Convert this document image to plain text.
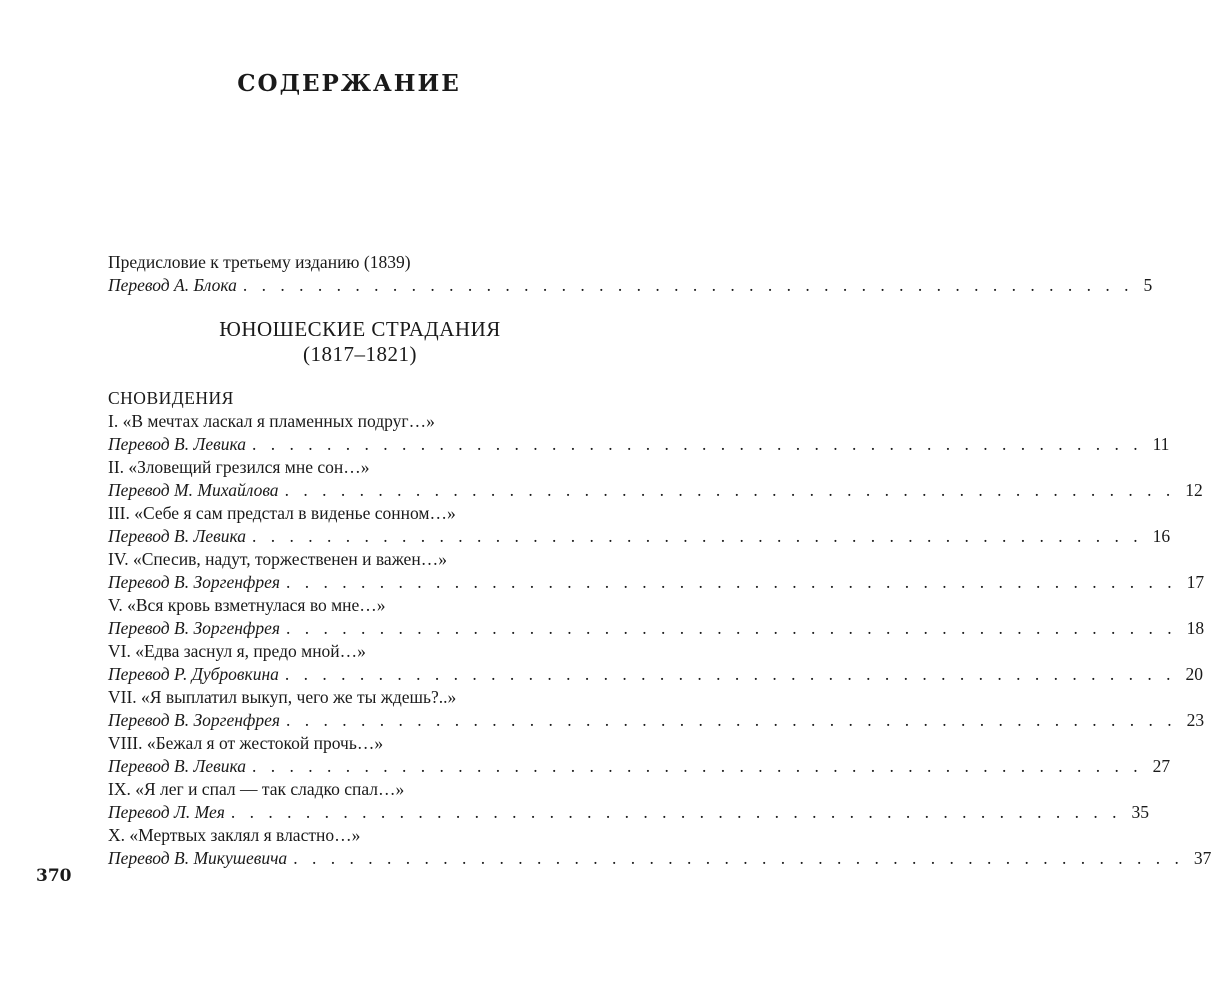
СОДЕРЖАНИЕ
Предисловие к третьему изданию (1839)
Перевод А. Блока . . . . . . . . . . . . . . . . . . . . . . . . . . . . . . . . . . . . . . . . . . . . . . . . 5
ЮНОШЕСКИЕ СТРАДАНИЯ
(1817–1821)
СНОВИДЕНИЯ
I. «В мечтах ласкал я пламенных подруг…»
Перевод В. Левика . . . . . . . . . . . . . . . . . . . . . . . . . . . . . . . . . . . . . . . . . . . . . . . . 11
II. «Зловещий грезился мне сон…»
Перевод М. Михайлова . . . . . . . . . . . . . . . . . . . . . . . . . . . . . . . . . . . . . . . . . . . . . . . . 12
III. «Себе я сам предстал в виденье сонном…»
Перевод В. Левика . . . . . . . . . . . . . . . . . . . . . . . . . . . . . . . . . . . . . . . . . . . . . . . . 16
IV. «Спесив, надут, торжественен и важен…»
Перевод В. Зоргенфрея . . . . . . . . . . . . . . . . . . . . . . . . . . . . . . . . . . . . . . . . . . . . . . . . 17
V. «Вся кровь взметнулася во мне…»
Перевод В. Зоргенфрея . . . . . . . . . . . . . . . . . . . . . . . . . . . . . . . . . . . . . . . . . . . . . . . . 18
VI. «Едва заснул я, предо мной…»
Перевод Р. Дубровкина . . . . . . . . . . . . . . . . . . . . . . . . . . . . . . . . . . . . . . . . . . . . . . . . 20
VII. «Я выплатил выкуп, чего же ты ждешь?..»
Перевод В. Зоргенфрея . . . . . . . . . . . . . . . . . . . . . . . . . . . . . . . . . . . . . . . . . . . . . . . . 23
VIII. «Бежал я от жестокой прочь…»
Перевод В. Левика . . . . . . . . . . . . . . . . . . . . . . . . . . . . . . . . . . . . . . . . . . . . . . . . 27
IX. «Я лег и спал — так сладко спал…»
Перевод Л. Мея . . . . . . . . . . . . . . . . . . . . . . . . . . . . . . . . . . . . . . . . . . . . . . . . 35
X. «Мертвых заклял я властно…»
Перевод В. Микушевича . . . . . . . . . . . . . . . . . . . . . . . . . . . . . . . . . . . . . . . . . . . . . . . . 37
370
